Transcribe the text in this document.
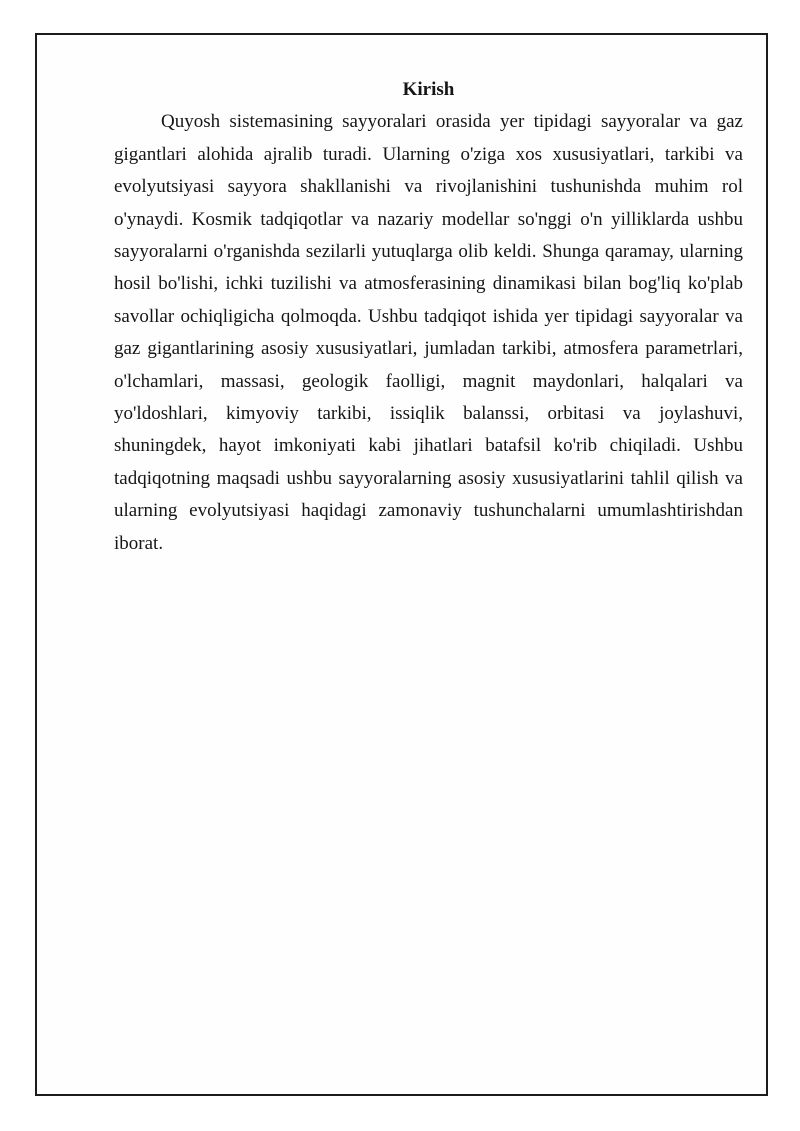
Kirish

Quyosh sistemasining sayyoralari orasida yer tipidagi sayyoralar va gaz gigantlari alohida ajralib turadi. Ularning o'ziga xos xususiyatlari, tarkibi va evolyutsiyasi sayyora shakllanishi va rivojlanishini tushunishda muhim rol o'ynaydi. Kosmik tadqiqotlar va nazariy modellar so'nggi o'n yilliklarda ushbu sayyoralarni o'rganishda sezilarli yutuqlarga olib keldi. Shunga qaramay, ularning hosil bo'lishi, ichki tuzilishi va atmosferasining dinamikasi bilan bog'liq ko'plab savollar ochiqligicha qolmoqda. Ushbu tadqiqot ishida yer tipidagi sayyoralar va gaz gigantlarining asosiy xususiyatlari, jumladan tarkibi, atmosfera parametrlari, o'lchamlari, massasi, geologik faolligi, magnit maydonlari, halqalari va yo'ldoshlari, kimyoviy tarkibi, issiqlik balanssi, orbitasi va joylashuvi, shuningdek, hayot imkoniyati kabi jihatlari batafsil ko'rib chiqiladi. Ushbu tadqiqotning maqsadi ushbu sayyoralarning asosiy xususiyatlarini tahlil qilish va ularning evolyutsiyasi haqidagi zamonaviy tushunchalarni umumlashtirishdan iborat.
